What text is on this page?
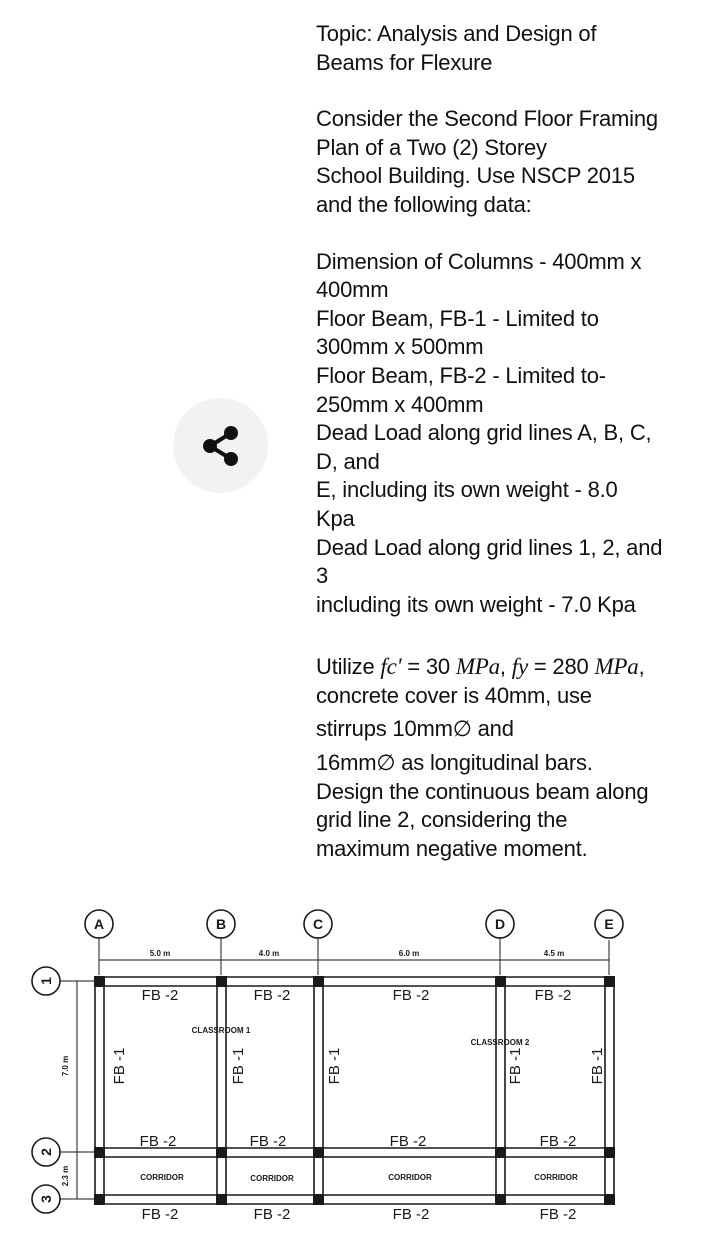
Topic: Analysis and Design of

Beams for Flexure

Consider the Second Floor Framing

Plan of a Two (2) Storey

School Building. Use NSCP 2015

and the following data:

Dimension of Columns - 400mm x

400mm

Floor Beam, FB-1 - Limited to

300mm x 500mm

Floor Beam, FB-2 - Limited to-

250mm x 400mm

Dead Load along grid lines A, B, C,

D, and

E, including its own weight - 8.0

Kpa

Dead Load along grid lines 1, 2, and

3

including its own weight - 7.0 Kpa

Utilize fc' = 30 MPa, fy = 280 MPa,

concrete cover is 40mm, use

stirrups 10mm∅ and

16mm∅ as longitudinal bars.

Design the continuous beam along

grid line 2, considering the

maximum negative moment.

A	B	C	D	E
1
2
3
5.0 m	4.0 m	6.0 m	4.5 m
7.0 m
2.3 m
FB -2	FB -2	FB -2	FB -2
FB -2	FB -2	FB -2	FB -2
FB -2	FB -2	FB -2	FB -2
FB -1	FB -1	FB -1	FB -1	FB -1
CLASSROOM 1
CLASSROOM 2
CORRIDOR	CORRIDOR	CORRIDOR	CORRIDOR
